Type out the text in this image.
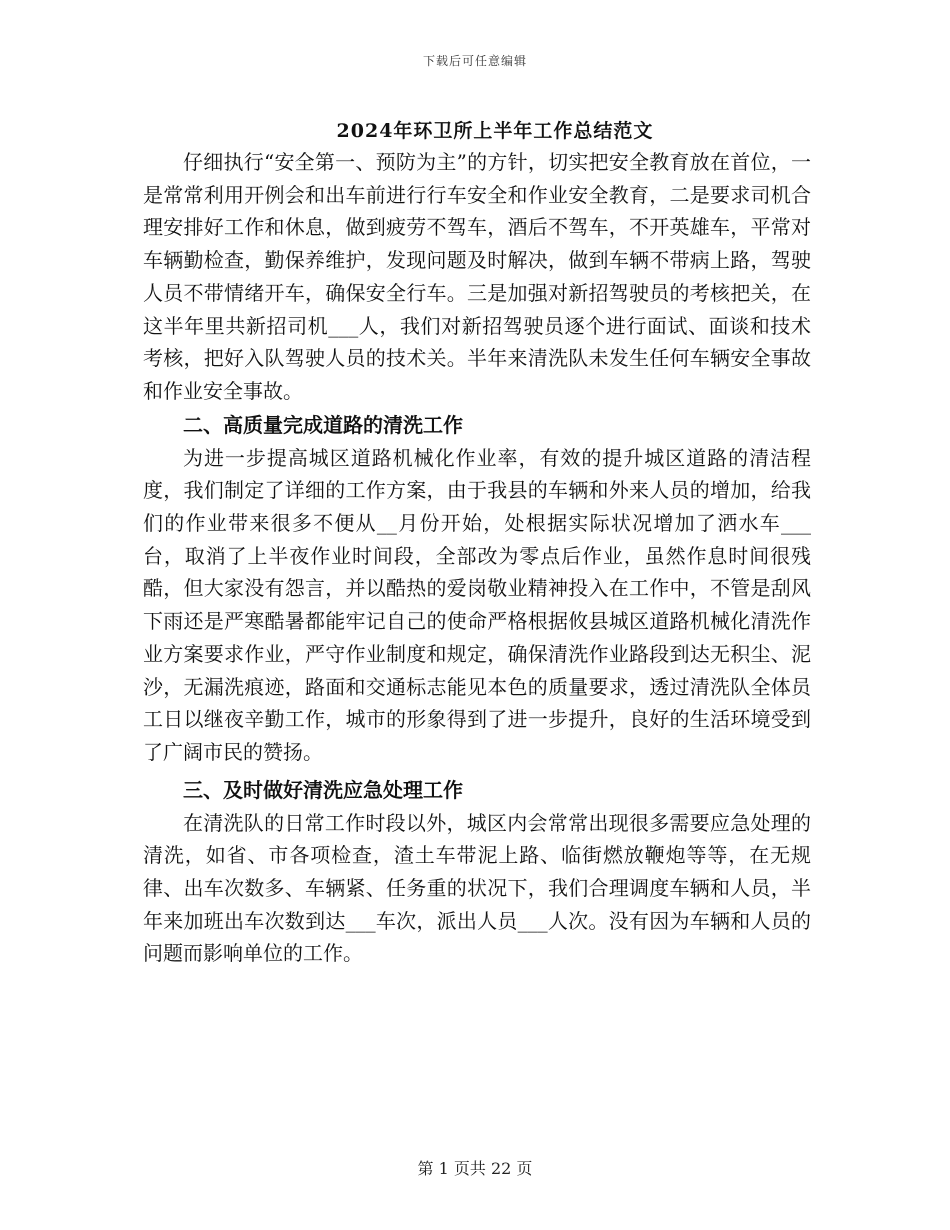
下载后可任意编辑
2024年环卫所上半年工作总结范文

仔细执行“安全第一、预防为主”的方针，切实把安全教育放在首位，一是常常利用开例会和出车前进行行车安全和作业安全教育，二是要求司机合理安排好工作和休息，做到疲劳不驾车，酒后不驾车，不开英雄车，平常对车辆勤检查，勤保养维护，发现问题及时解决，做到车辆不带病上路，驾驶人员不带情绪开车，确保安全行车。三是加强对新招驾驶员的考核把关，在这半年里共新招司机___人，我们对新招驾驶员逐个进行面试、面谈和技术考核，把好入队驾驶人员的技术关。半年来清洗队未发生任何车辆安全事故和作业安全事故。

二、高质量完成道路的清洗工作

为进一步提高城区道路机械化作业率，有效的提升城区道路的清洁程度，我们制定了详细的工作方案，由于我县的车辆和外来人员的增加，给我们的作业带来很多不便从__月份开始，处根据实际状况增加了洒水车___台，取消了上半夜作业时间段，全部改为零点后作业，虽然作息时间很残酷，但大家没有怨言，并以酷热的爱岗敬业精神投入在工作中，不管是刮风下雨还是严寒酷暑都能牢记自己的使命严格根据攸县城区道路机械化清洗作业方案要求作业，严守作业制度和规定，确保清洗作业路段到达无积尘、泥沙，无漏洗痕迹，路面和交通标志能见本色的质量要求，透过清洗队全体员工日以继夜辛勤工作，城市的形象得到了进一步提升，良好的生活环境受到了广阔市民的赞扬。

三、及时做好清洗应急处理工作

在清洗队的日常工作时段以外，城区内会常常出现很多需要应急处理的清洗，如省、市各项检查，渣土车带泥上路、临街燃放鞭炮等等，在无规律、出车次数多、车辆紧、任务重的状况下，我们合理调度车辆和人员，半年来加班出车次数到达___车次，派出人员___人次。没有因为车辆和人员的问题而影响单位的工作。

第 1 页共 22 页
